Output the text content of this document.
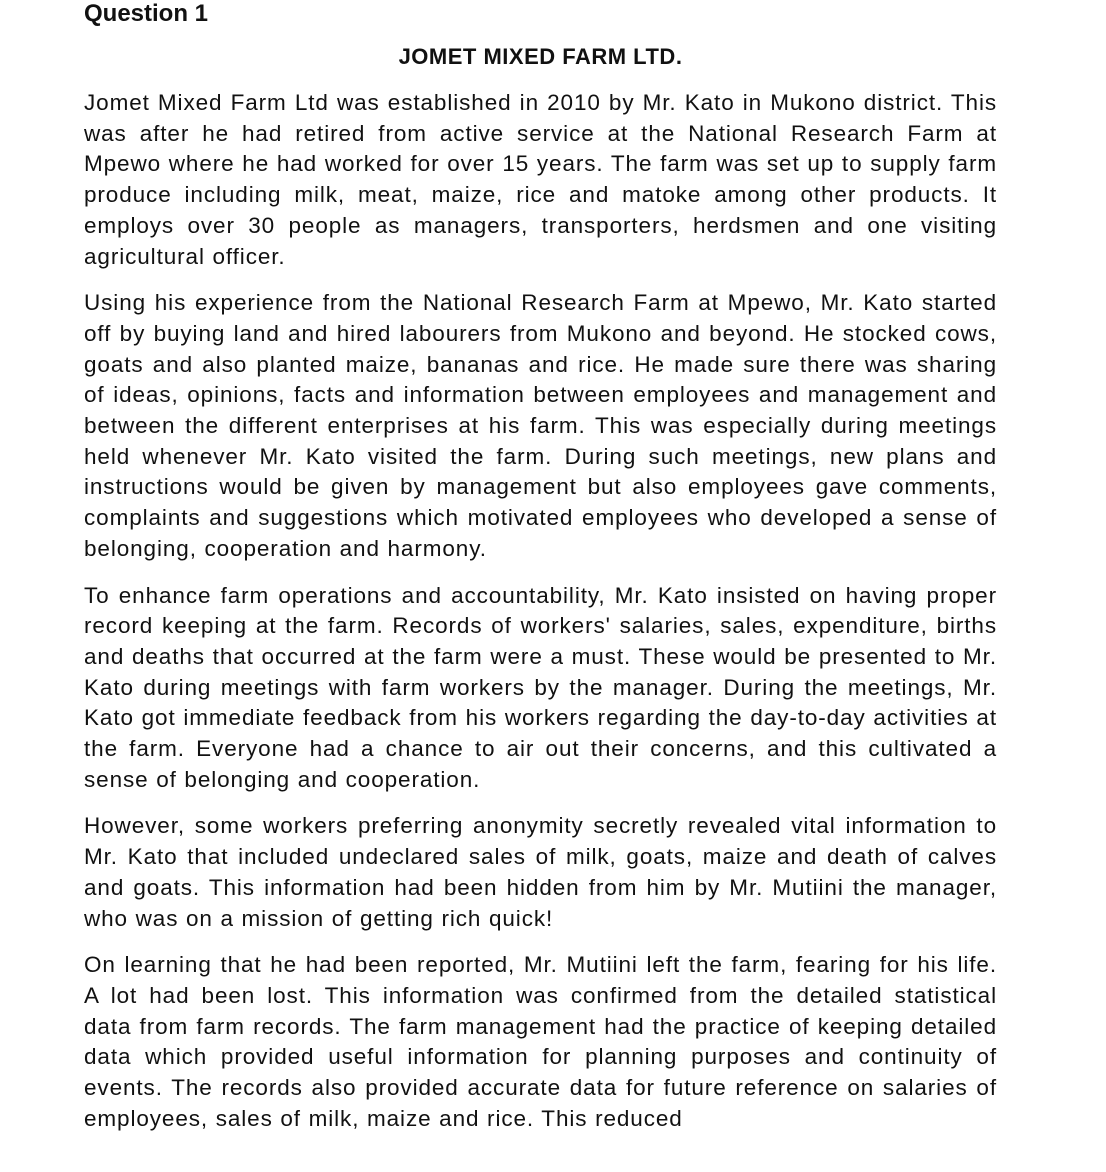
Question 1
JOMET MIXED FARM LTD.

Jomet Mixed Farm Ltd was established in 2010 by Mr. Kato in Mukono district. This was after he had retired from active service at the National Research Farm at Mpewo where he had worked for over 15 years. The farm was set up to supply farm produce including milk, meat, maize, rice and matoke among other products. It employs over 30 people as managers, transporters, herdsmen and one visiting agricultural officer.

Using his experience from the National Research Farm at Mpewo, Mr. Kato started off by buying land and hired labourers from Mukono and beyond. He stocked cows, goats and also planted maize, bananas and rice. He made sure there was sharing of ideas, opinions, facts and information between employees and management and between the different enterprises at his farm. This was especially during meetings held whenever Mr. Kato visited the farm. During such meetings, new plans and instructions would be given by management but also employees gave comments, complaints and suggestions which motivated employees who developed a sense of belonging, cooperation and harmony.

To enhance farm operations and accountability, Mr. Kato insisted on having proper record keeping at the farm. Records of workers' salaries, sales, expenditure, births and deaths that occurred at the farm were a must. These would be presented to Mr. Kato during meetings with farm workers by the manager. During the meetings, Mr. Kato got immediate feedback from his workers regarding the day-to-day activities at the farm. Everyone had a chance to air out their concerns, and this cultivated a sense of belonging and cooperation.

However, some workers preferring anonymity secretly revealed vital information to Mr. Kato that included undeclared sales of milk, goats, maize and death of calves and goats. This information had been hidden from him by Mr. Mutiini the manager, who was on a mission of getting rich quick!

On learning that he had been reported, Mr. Mutiini left the farm, fearing for his life. A lot had been lost. This information was confirmed from the detailed statistical data from farm records. The farm management had the practice of keeping detailed data which provided useful information for planning purposes and continuity of events. The records also provided accurate data for future reference on salaries of employees, sales of milk, maize and rice. This reduced
